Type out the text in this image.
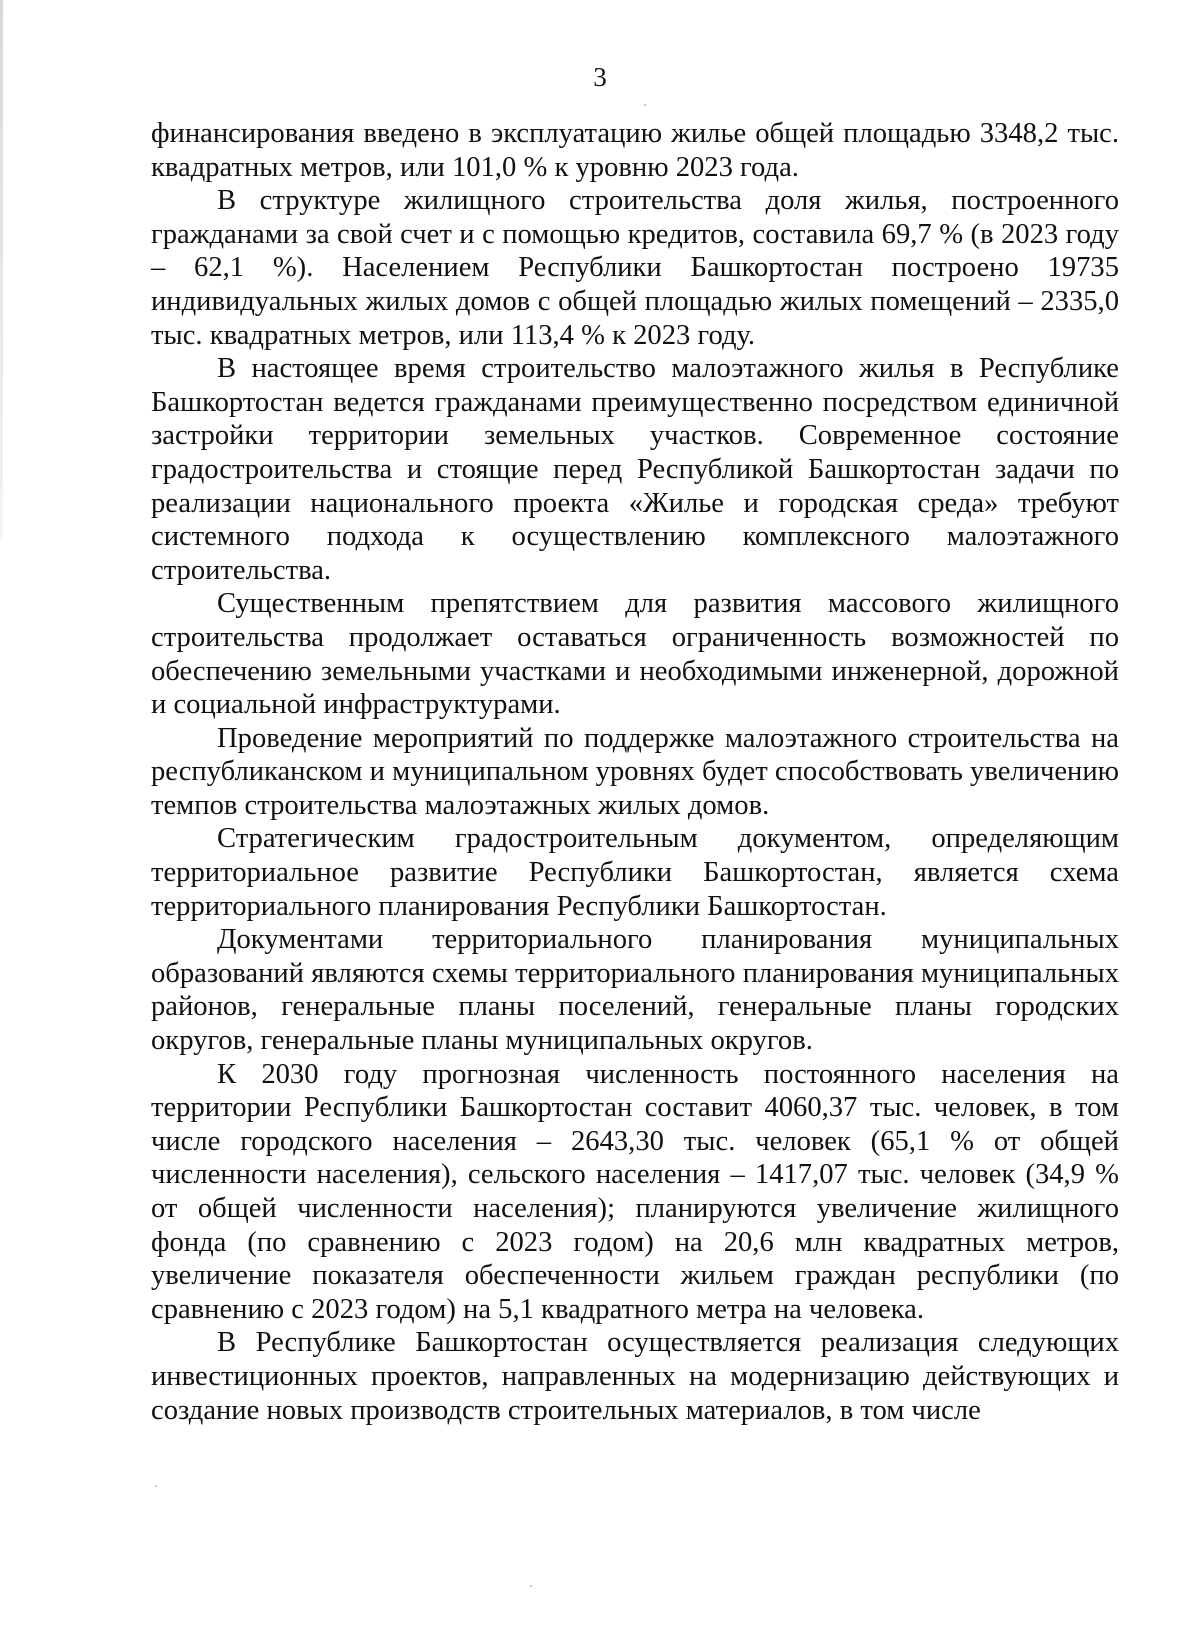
3

финансирования введено в эксплуатацию жилье общей площадью 3348,2 тыс. квадратных метров, или 101,0 % к уровню 2023 года.

В структуре жилищного строительства доля жилья, построенного гражданами за свой счет и с помощью кредитов, составила 69,7 % (в 2023 году – 62,1 %). Населением Республики Башкортостан построено 19735 индивидуальных жилых домов с общей площадью жилых помещений – 2335,0 тыс. квадратных метров, или 113,4 % к 2023 году.

В настоящее время строительство малоэтажного жилья в Республике Башкортостан ведется гражданами преимущественно посредством единичной застройки территории земельных участков. Современное состояние градостроительства и стоящие перед Республикой Башкортостан задачи по реализации национального проекта «Жилье и городская среда» требуют системного подхода к осуществлению комплексного малоэтажного строительства.

Существенным препятствием для развития массового жилищного строительства продолжает оставаться ограниченность возможностей по обеспечению земельными участками и необходимыми инженерной, дорожной и социальной инфраструктурами.

Проведение мероприятий по поддержке малоэтажного строительства на республиканском и муниципальном уровнях будет способствовать увеличению темпов строительства малоэтажных жилых домов.

Стратегическим градостроительным документом, определяющим территориальное развитие Республики Башкортостан, является схема территориального планирования Республики Башкортостан.

Документами территориального планирования муниципальных образований являются схемы территориального планирования муниципальных районов, генеральные планы поселений, генеральные планы городских округов, генеральные планы муниципальных округов.

К 2030 году прогнозная численность постоянного населения на территории Республики Башкортостан составит 4060,37 тыс. человек, в том числе городского населения – 2643,30 тыс. человек (65,1 % от общей численности населения), сельского населения – 1417,07 тыс. человек (34,9 % от общей численности населения); планируются увеличение жилищного фонда (по сравнению с 2023 годом) на 20,6 млн квадратных метров, увеличение показателя обеспеченности жильем граждан республики (по сравнению с 2023 годом) на 5,1 квадратного метра на человека.

В Республике Башкортостан осуществляется реализация следующих инвестиционных проектов, направленных на модернизацию действующих и создание новых производств строительных материалов, в том числе
